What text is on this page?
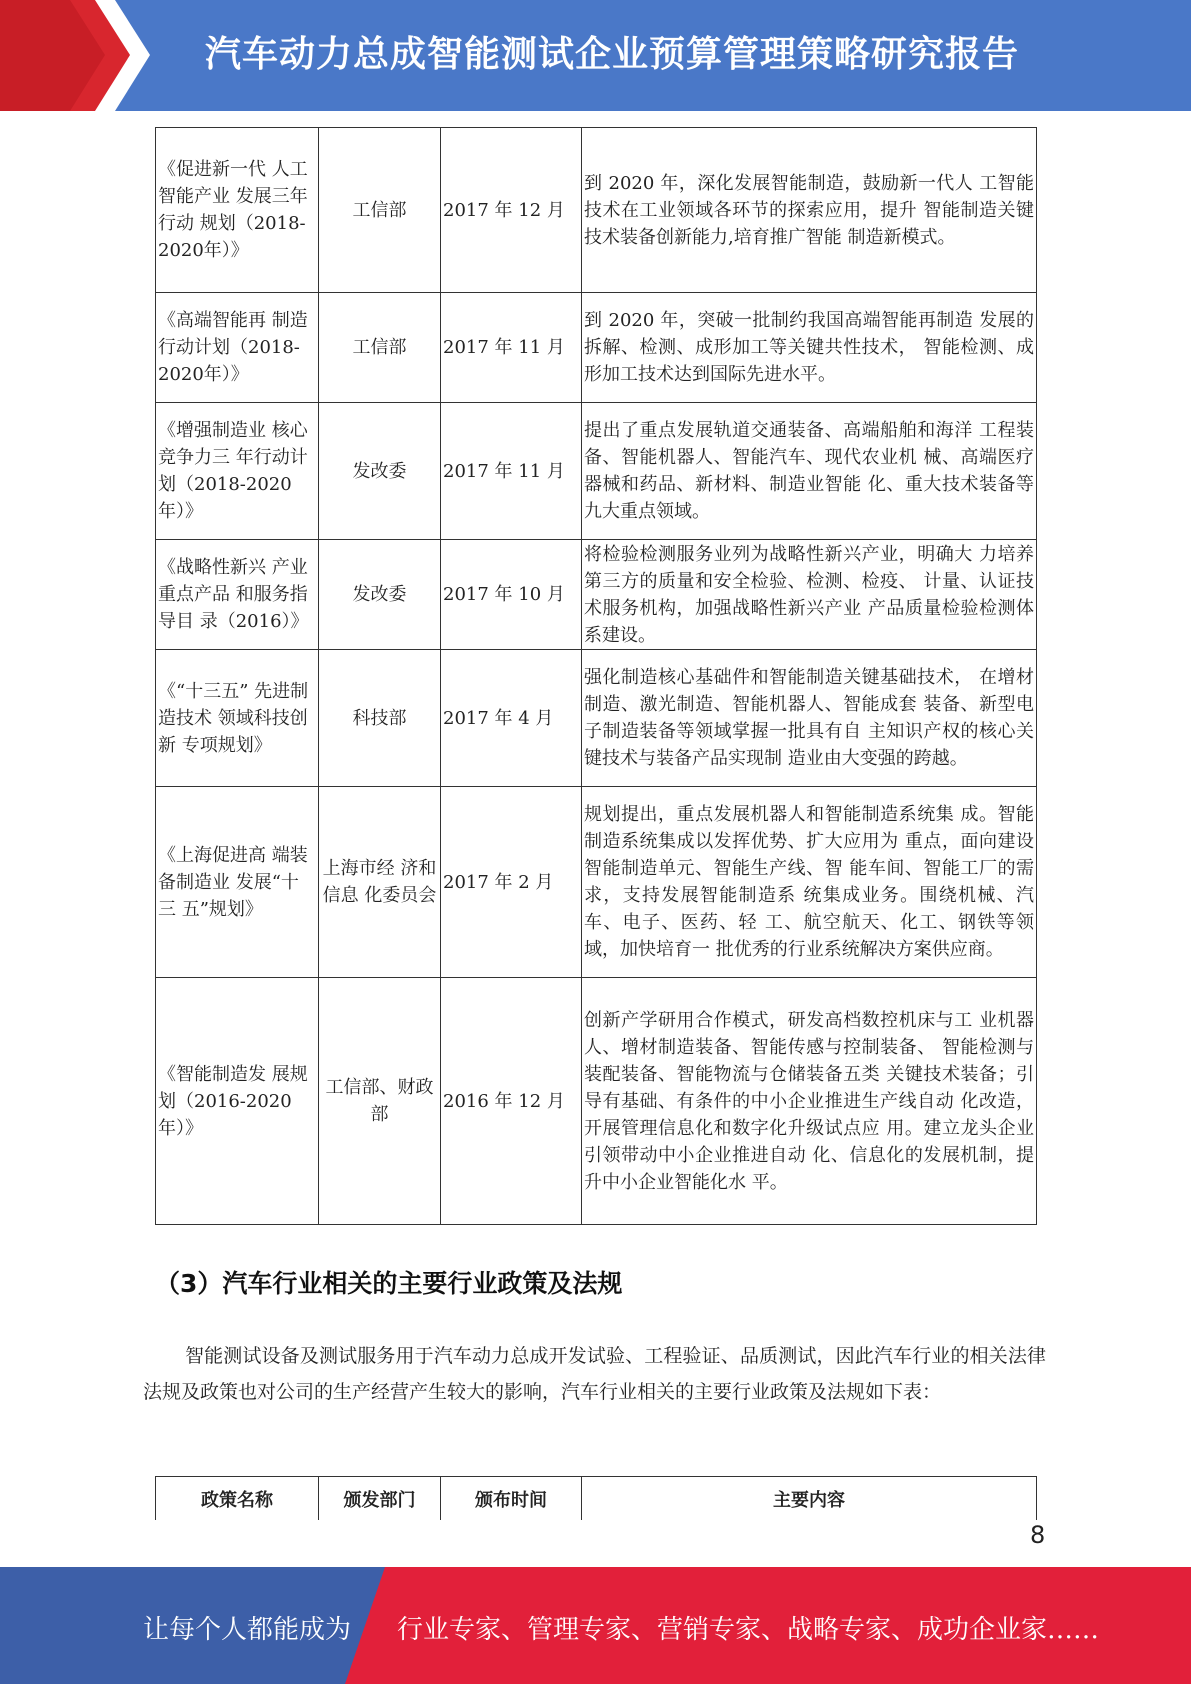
汽车动力总成智能测试企业预算管理策略研究报告
《促进新一代 人工智能产业 发展三年行动 规划（2018-2020年）》	工信部	2017 年 12 月	到 2020 年，深化发展智能制造，鼓励新一代人 工智能技术在工业领域各环节的探索应用，提升 智能制造关键技术装备创新能力,培育推广智能 制造新模式。
《高端智能再 制造行动计划（2018-2020年）》	工信部	2017 年 11 月	到 2020 年，突破一批制约我国高端智能再制造 发展的拆解、检测、成形加工等关键共性技术， 智能检测、成形加工技术达到国际先进水平。
《增强制造业 核心竞争力三 年行动计划（2018-2020年）》	发改委	2017 年 11 月	提出了重点发展轨道交通装备、高端船舶和海洋 工程装备、智能机器人、智能汽车、现代农业机 械、高端医疗器械和药品、新材料、制造业智能 化、重大技术装备等九大重点领域。
《战略性新兴 产业重点产品 和服务指导目 录（2016）》	发改委	2017 年 10 月	将检验检测服务业列为战略性新兴产业，明确大 力培养第三方的质量和安全检验、检测、检疫、 计量、认证技术服务机构，加强战略性新兴产业 产品质量检验检测体系建设。
《“十三五” 先进制造技术 领域科技创新 专项规划》	科技部	2017 年 4 月	强化制造核心基础件和智能制造关键基础技术， 在增材制造、激光制造、智能机器人、智能成套 装备、新型电子制造装备等领域掌握一批具有自 主知识产权的核心关键技术与装备产品实现制 造业由大变强的跨越。
《上海促进高 端装备制造业 发展“十三 五”规划》	上海市经 济和信息 化委员会	2017 年 2 月	规划提出，重点发展机器人和智能制造系统集 成。智能制造系统集成以发挥优势、扩大应用为 重点，面向建设智能制造单元、智能生产线、智 能车间、智能工厂的需求，支持发展智能制造系 统集成业务。围绕机械、汽车、电子、医药、轻 工、航空航天、化工、钢铁等领域，加快培育一 批优秀的行业系统解决方案供应商。
《智能制造发 展规划（2016-2020年）》	工信部、财政部	2016 年 12 月	创新产学研用合作模式，研发高档数控机床与工 业机器人、增材制造装备、智能传感与控制装备、 智能检测与装配装备、智能物流与仓储装备五类 关键技术装备；引导有基础、有条件的中小企业推进生产线自动 化改造，开展管理信息化和数字化升级试点应 用。建立龙头企业引领带动中小企业推进自动 化、信息化的发展机制，提升中小企业智能化水 平。
（3）汽车行业相关的主要行业政策及法规
智能测试设备及测试服务用于汽车动力总成开发试验、工程验证、品质测试，因此汽车行业的相关法律法规及政策也对公司的生产经营产生较大的影响，汽车行业相关的主要行业政策及法规如下表：
政策名称	颁发部门	颁布时间	主要内容
8
让每个人都能成为 行业专家、管理专家、营销专家、战略专家、成功企业家……
